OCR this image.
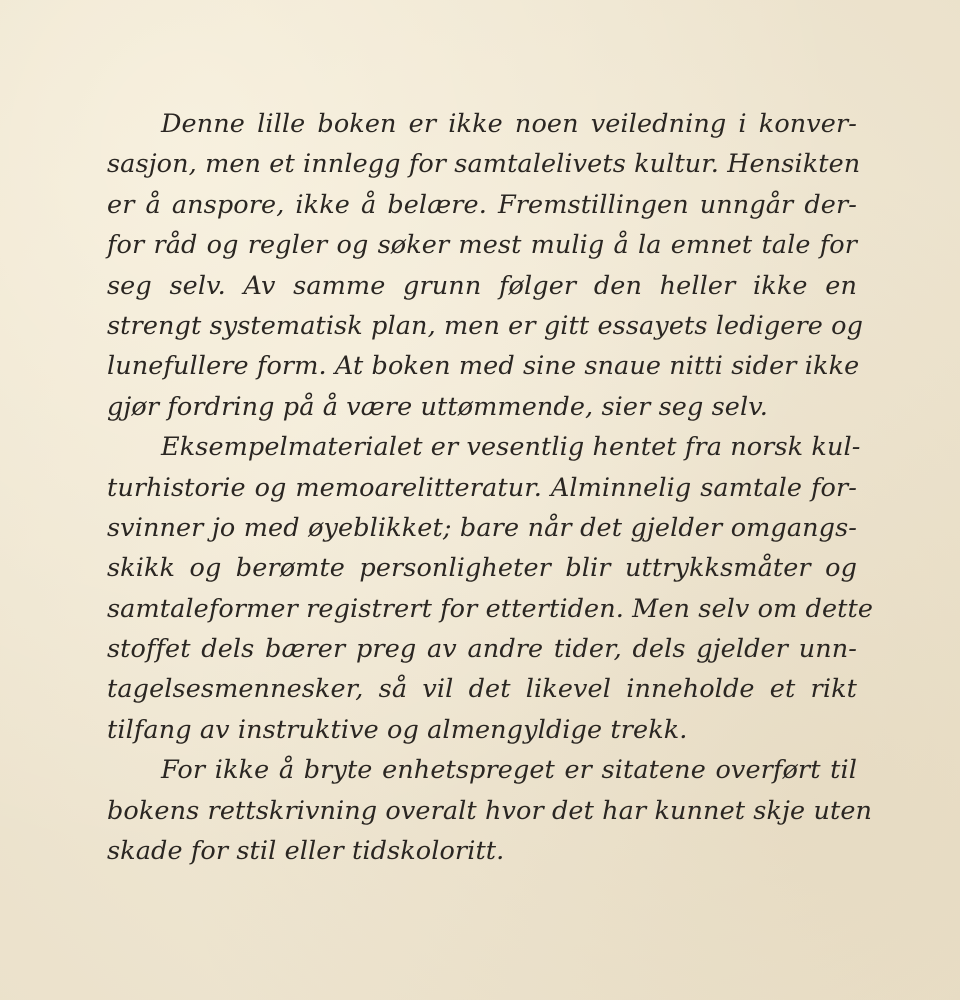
Denne lille boken er ikke noen veiledning i konver-
sasjon, men et innlegg for samtalelivets kultur. Hensikten
er å anspore, ikke å belære. Fremstillingen unngår der-
for råd og regler og søker mest mulig å la emnet tale for
seg selv. Av samme grunn følger den heller ikke en
strengt systematisk plan, men er gitt essayets ledigere og
lunefullere form. At boken med sine snaue nitti sider ikke
gjør fordring på å være uttømmende, sier seg selv.
Eksempelmaterialet er vesentlig hentet fra norsk kul-
turhistorie og memoarelitteratur. Alminnelig samtale for-
svinner jo med øyeblikket; bare når det gjelder omgangs-
skikk og berømte personligheter blir uttrykksmåter og
samtaleformer registrert for ettertiden. Men selv om dette
stoffet dels bærer preg av andre tider, dels gjelder unn-
tagelsesmennesker, så vil det likevel inneholde et rikt
tilfang av instruktive og almengyldige trekk.
For ikke å bryte enhetspreget er sitatene overført til
bokens rettskrivning overalt hvor det har kunnet skje uten
skade for stil eller tidskoloritt.
